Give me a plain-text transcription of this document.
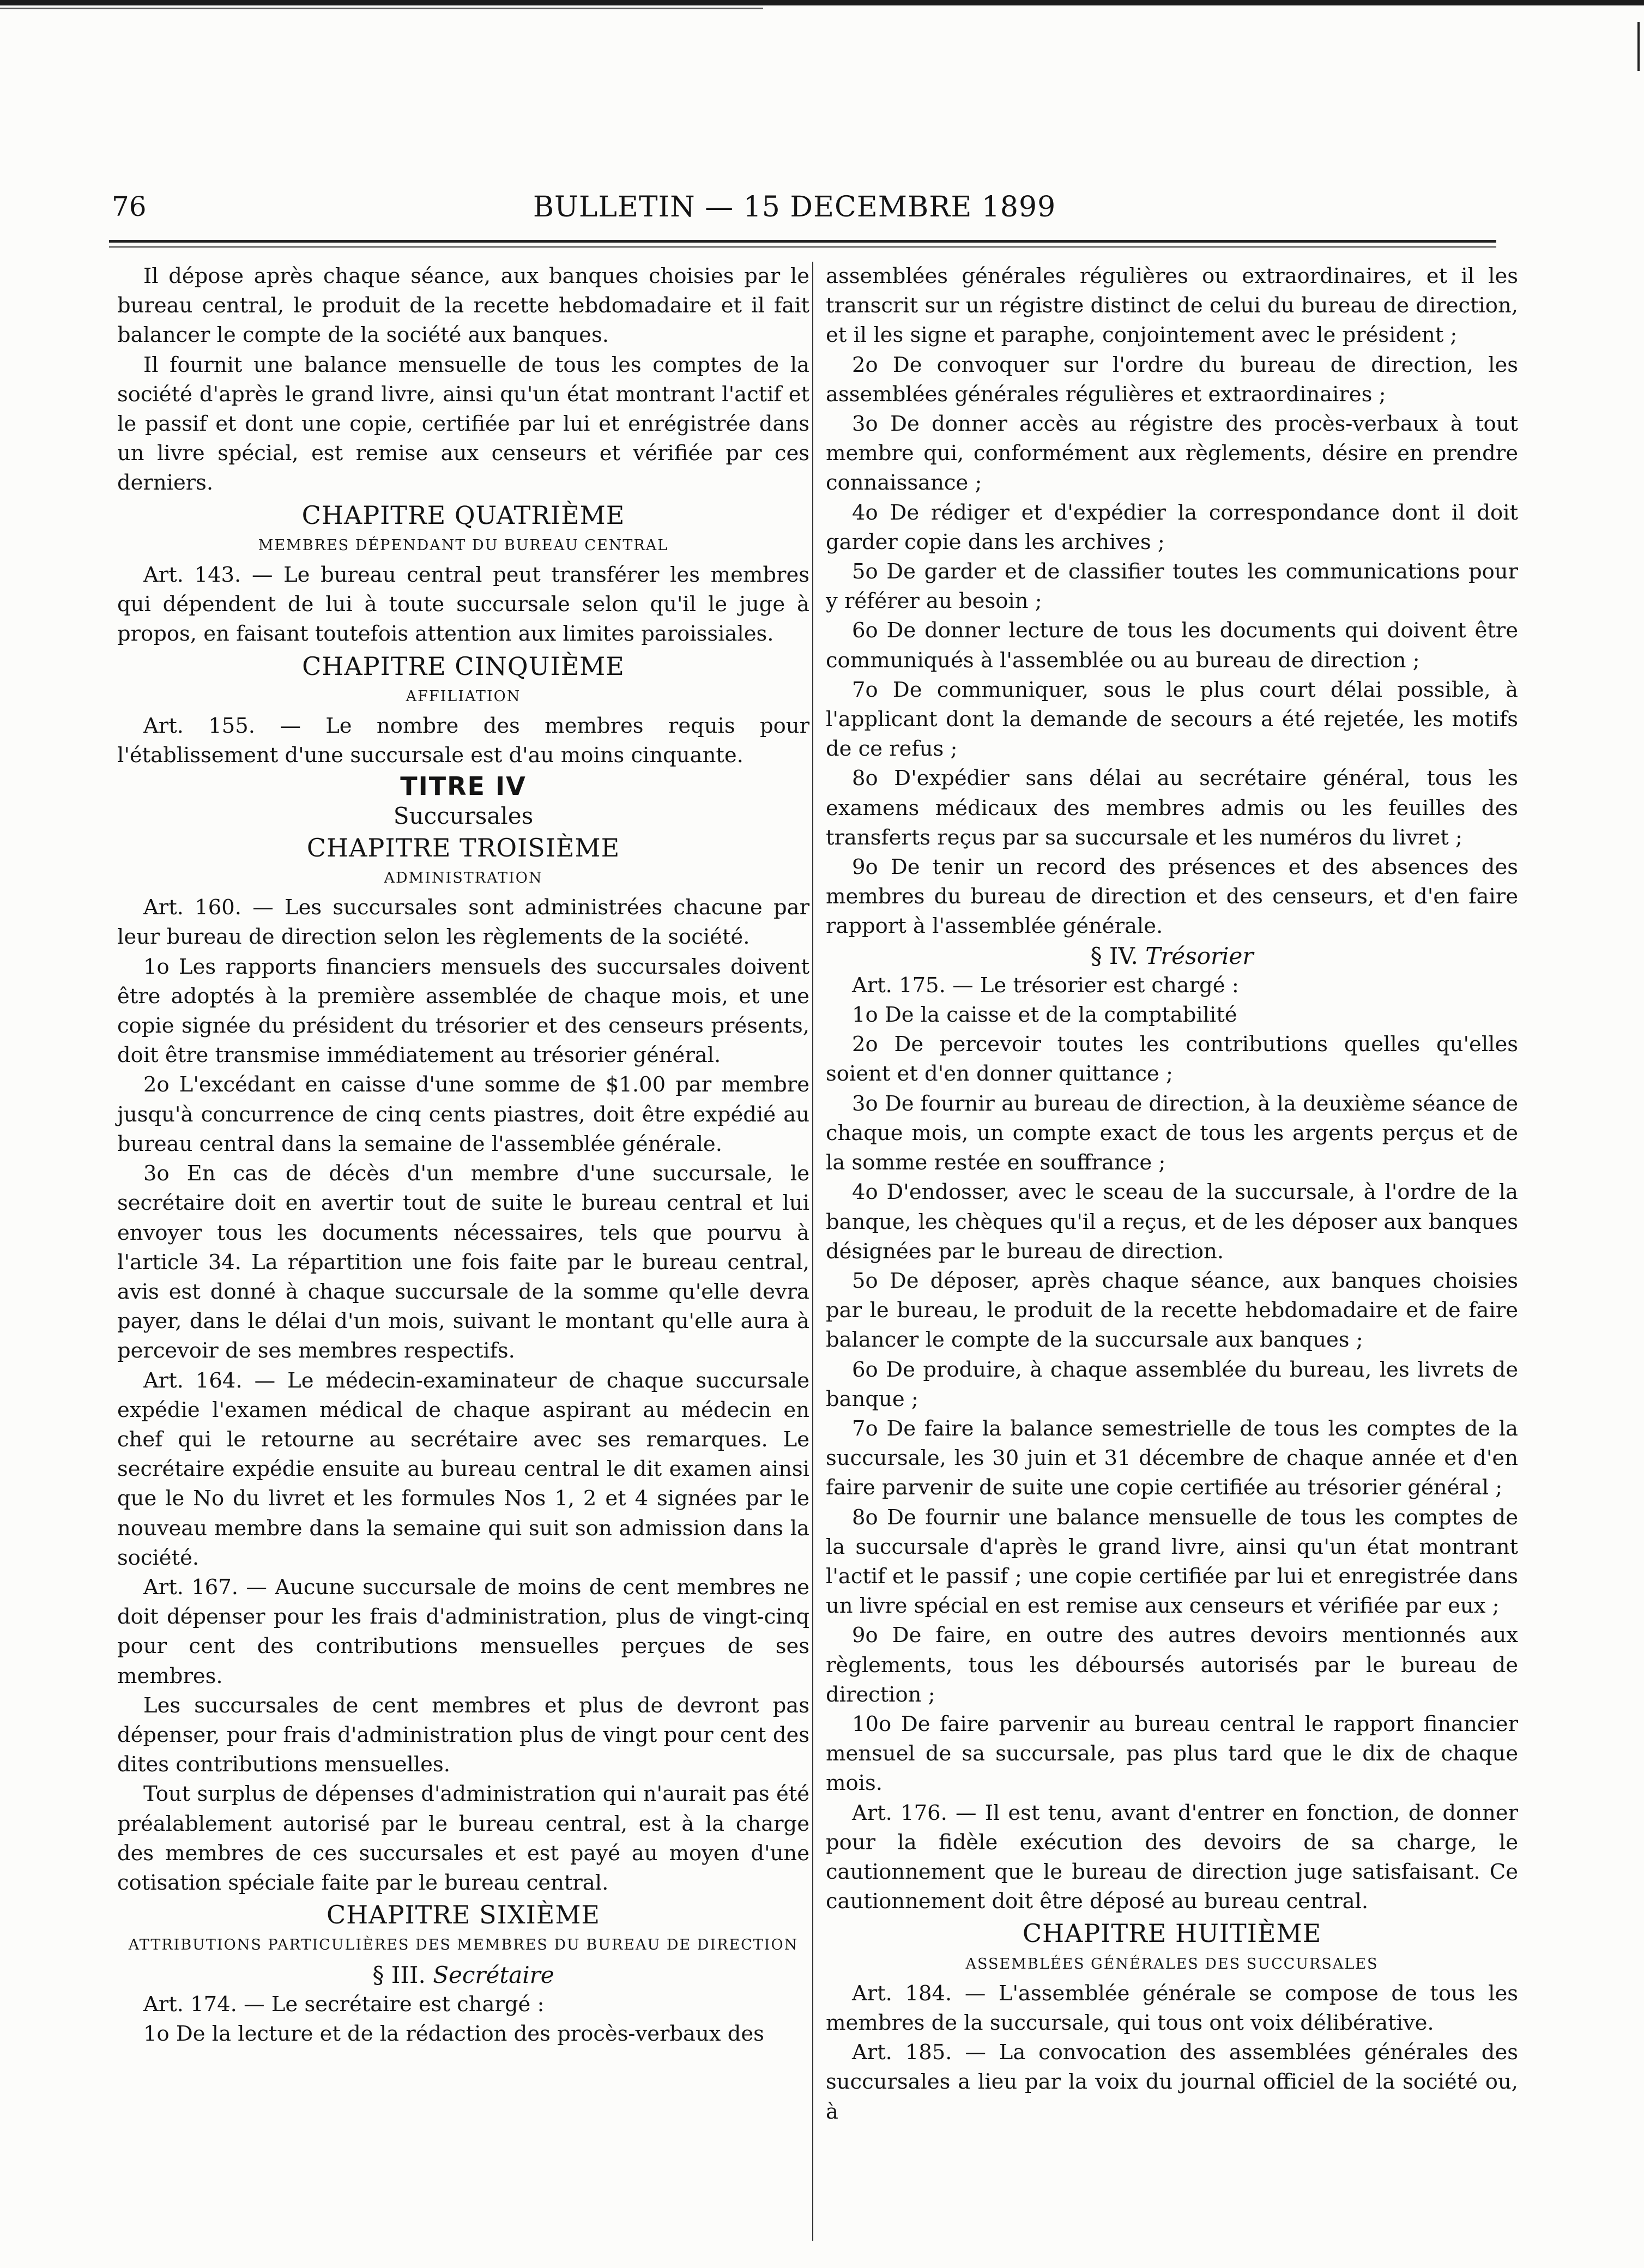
76	BULLETIN — 15 DECEMBRE 1899

Il dépose après chaque séance, aux banques choisies par le bureau central, le produit de la recette hebdomadaire et il fait balancer le compte de la société aux banques.

Il fournit une balance mensuelle de tous les comptes de la société d'après le grand livre, ainsi qu'un état montrant l'actif et le passif et dont une copie, certifiée par lui et enrégistrée dans un livre spécial, est remise aux censeurs et vérifiée par ces derniers.

CHAPITRE QUATRIÈME
MEMBRES DÉPENDANT DU BUREAU CENTRAL

Art. 143. — Le bureau central peut transférer les membres qui dépendent de lui à toute succursale selon qu'il le juge à propos, en faisant toutefois attention aux limites paroissiales.

CHAPITRE CINQUIÈME
AFFILIATION

Art. 155. — Le nombre des membres requis pour l'établissement d'une succursale est d'au moins cinquante.

TITRE IV
Succursales
CHAPITRE TROISIÈME
ADMINISTRATION

Art. 160. — Les succursales sont administrées chacune par leur bureau de direction selon les règlements de la société.

1o Les rapports financiers mensuels des succursales doivent être adoptés à la première assemblée de chaque mois, et une copie signée du président du trésorier et des censeurs présents, doit être transmise immédiatement au trésorier général.

2o L'excédant en caisse d'une somme de $1.00 par membre jusqu'à concurrence de cinq cents piastres, doit être expédié au bureau central dans la semaine de l'assemblée générale.

3o En cas de décès d'un membre d'une succursale, le secrétaire doit en avertir tout de suite le bureau central et lui envoyer tous les documents nécessaires, tels que pourvu à l'article 34. La répartition une fois faite par le bureau central, avis est donné à chaque succursale de la somme qu'elle devra payer, dans le délai d'un mois, suivant le montant qu'elle aura à percevoir de ses membres respectifs.

Art. 164. — Le médecin-examinateur de chaque succursale expédie l'examen médical de chaque aspirant au médecin en chef qui le retourne au secrétaire avec ses remarques. Le secrétaire expédie ensuite au bureau central le dit examen ainsi que le No du livret et les formules Nos 1, 2 et 4 signées par le nouveau membre dans la semaine qui suit son admission dans la société.

Art. 167. — Aucune succursale de moins de cent membres ne doit dépenser pour les frais d'administration, plus de vingt-cinq pour cent des contributions mensuelles perçues de ses membres.

Les succursales de cent membres et plus de devront pas dépenser, pour frais d'administration plus de vingt pour cent des dites contributions mensuelles.

Tout surplus de dépenses d'administration qui n'aurait pas été préalablement autorisé par le bureau central, est à la charge des membres de ces succursales et est payé au moyen d'une cotisation spéciale faite par le bureau central.

CHAPITRE SIXIÈME
ATTRIBUTIONS PARTICULIÈRES DES MEMBRES DU BUREAU DE DIRECTION
§ III. Secrétaire

Art. 174. — Le secrétaire est chargé :

1o De la lecture et de la rédaction des procès-verbaux des

assemblées générales régulières ou extraordinaires, et il les transcrit sur un régistre distinct de celui du bureau de direction, et il les signe et paraphe, conjointement avec le président ;

2o De convoquer sur l'ordre du bureau de direction, les assemblées générales régulières et extraordinaires ;

3o De donner accès au régistre des procès-verbaux à tout membre qui, conformément aux règlements, désire en prendre connaissance ;

4o De rédiger et d'expédier la correspondance dont il doit garder copie dans les archives ;

5o De garder et de classifier toutes les communications pour y référer au besoin ;

6o De donner lecture de tous les documents qui doivent être communiqués à l'assemblée ou au bureau de direction ;

7o De communiquer, sous le plus court délai possible, à l'applicant dont la demande de secours a été rejetée, les motifs de ce refus ;

8o D'expédier sans délai au secrétaire général, tous les examens médicaux des membres admis ou les feuilles des transferts reçus par sa succursale et les numéros du livret ;

9o De tenir un record des présences et des absences des membres du bureau de direction et des censeurs, et d'en faire rapport à l'assemblée générale.

§ IV. Trésorier

Art. 175. — Le trésorier est chargé :

1o De la caisse et de la comptabilité

2o De percevoir toutes les contributions quelles qu'elles soient et d'en donner quittance ;

3o De fournir au bureau de direction, à la deuxième séance de chaque mois, un compte exact de tous les argents perçus et de la somme restée en souffrance ;

4o D'endosser, avec le sceau de la succursale, à l'ordre de la banque, les chèques qu'il a reçus, et de les déposer aux banques désignées par le bureau de direction.

5o De déposer, après chaque séance, aux banques choisies par le bureau, le produit de la recette hebdomadaire et de faire balancer le compte de la succursale aux banques ;

6o De produire, à chaque assemblée du bureau, les livrets de banque ;

7o De faire la balance semestrielle de tous les comptes de la succursale, les 30 juin et 31 décembre de chaque année et d'en faire parvenir de suite une copie certifiée au trésorier général ;

8o De fournir une balance mensuelle de tous les comptes de la succursale d'après le grand livre, ainsi qu'un état montrant l'actif et le passif ; une copie certifiée par lui et enregistrée dans un livre spécial en est remise aux censeurs et vérifiée par eux ;

9o De faire, en outre des autres devoirs mentionnés aux règlements, tous les déboursés autorisés par le bureau de direction ;

10o De faire parvenir au bureau central le rapport financier mensuel de sa succursale, pas plus tard que le dix de chaque mois.

Art. 176. — Il est tenu, avant d'entrer en fonction, de donner pour la fidèle exécution des devoirs de sa charge, le cautionnement que le bureau de direction juge satisfaisant. Ce cautionnement doit être déposé au bureau central.

CHAPITRE HUITIÈME
ASSEMBLÉES GÉNÉRALES DES SUCCURSALES

Art. 184. — L'assemblée générale se compose de tous les membres de la succursale, qui tous ont voix délibérative.

Art. 185. — La convocation des assemblées générales des succursales a lieu par la voix du journal officiel de la société ou, à
